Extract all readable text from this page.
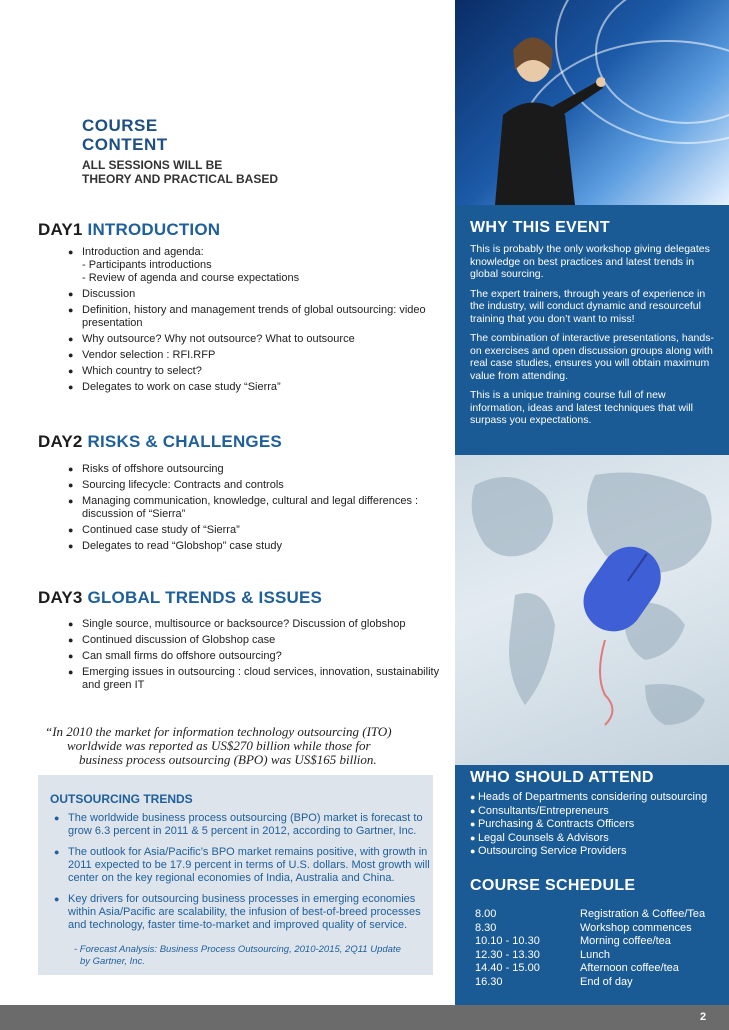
COURSE
CONTENT
ALL SESSIONS WILL BE
THEORY AND PRACTICAL BASED
DAY1 INTRODUCTION
● Introduction and agenda:
- Participants introductions
- Review of agenda and course expectations
● Discussion
● Definition, history and management trends of global outsourcing: video
presentation
● Why outsource? Why not outsource? What to outsource
● Vendor selection : RFI.RFP
● Which country to select?
● Delegates to work on case study “Sierra”
DAY2 RISKS & CHALLENGES
● Risks of offshore outsourcing
● Sourcing lifecycle: Contracts and controls
● Managing communication, knowledge, cultural and legal differences :
discussion of “Sierra”
● Continued case study of “Sierra”
● Delegates to read “Globshop” case study
DAY3 GLOBAL TRENDS & ISSUES
● Single source, multisource or backsource? Discussion of globshop
● Continued discussion of Globshop case
● Can small firms do offshore outsourcing?
● Emerging issues in outsourcing : cloud services, innovation, sustainability
and green IT
“In 2010 the market for information technology outsourcing (ITO)
worldwide was reported as US$270 billion while those for
business process outsourcing (BPO) was US$165 billion.
OUTSOURCING TRENDS
● The worldwide business process outsourcing (BPO) market is forecast to grow 6.3 percent in 2011 & 5 percent in 2012, according to Gartner, Inc.
● The outlook for Asia/Pacific’s BPO market remains positive, with growth in 2011 expected to be 17.9 percent in terms of U.S. dollars. Most growth will center on the key regional economies of India, Australia and China.
● Key drivers for outsourcing business processes in emerging economies within Asia/Pacific are scalability, the infusion of best-of-breed processes and technology, faster time-to-market and improved quality of service.
- Forecast Analysis: Business Process Outsourcing, 2010-2015, 2Q11 Update
by Gartner, Inc.
WHY THIS EVENT

This is probably the only workshop giving delegates knowledge on best practices and latest trends in global sourcing.

The expert trainers, through years of experience in the industry, will conduct dynamic and resourceful training that you don’t want to miss!

The combination of interactive presentations, hands-on exercises and open discussion groups along with real case studies, ensures you will obtain maximum value from attending.

This is a unique training course full of new information, ideas and latest techniques that will surpass you expectations.

WHO SHOULD ATTEND
● Heads of Departments considering outsourcing
● Consultants/Entrepreneurs
● Purchasing & Contracts Officers
● Legal Counsels & Advisors
● Outsourcing Service Providers
COURSE SCHEDULE
8.00	Registration & Coffee/Tea
8.30	Workshop commences
10.10 - 10.30	Morning coffee/tea
12.30 - 13.30	Lunch
14.40 - 15.00	Afternoon coffee/tea
16.30	End of day
2
